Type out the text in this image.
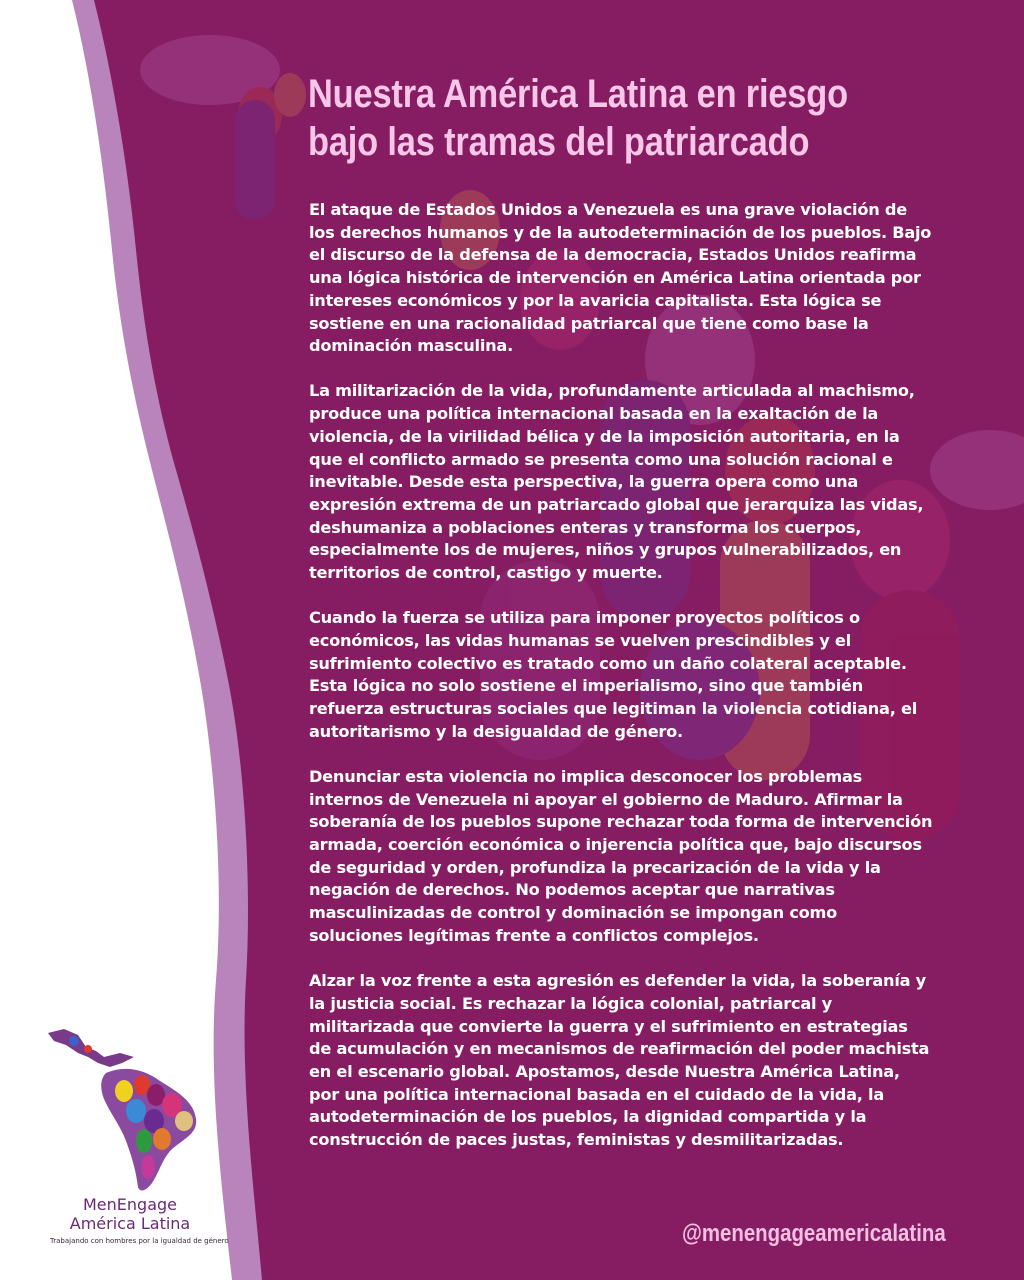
Nuestra América Latina en riesgo
bajo las tramas del patriarcado

El ataque de Estados Unidos a Venezuela es una grave violación de los derechos humanos y de la autodeterminación de los pueblos. Bajo el discurso de la defensa de la democracia, Estados Unidos reafirma una lógica histórica de intervención en América Latina orientada por intereses económicos y por la avaricia capitalista. Esta lógica se sostiene en una racionalidad patriarcal que tiene como base la dominación masculina.

La militarización de la vida, profundamente articulada al machismo, produce una política internacional basada en la exaltación de la violencia, de la virilidad bélica y de la imposición autoritaria, en la que el conflicto armado se presenta como una solución racional e inevitable. Desde esta perspectiva, la guerra opera como una expresión extrema de un patriarcado global que jerarquiza las vidas, deshumaniza a poblaciones enteras y transforma los cuerpos, especialmente los de mujeres, niños y grupos vulnerabilizados, en territorios de control, castigo y muerte.

Cuando la fuerza se utiliza para imponer proyectos políticos o económicos, las vidas humanas se vuelven prescindibles y el sufrimiento colectivo es tratado como un daño colateral aceptable. Esta lógica no solo sostiene el imperialismo, sino que también refuerza estructuras sociales que legitiman la violencia cotidiana, el autoritarismo y la desigualdad de género.

Denunciar esta violencia no implica desconocer los problemas internos de Venezuela ni apoyar el gobierno de Maduro. Afirmar la soberanía de los pueblos supone rechazar toda forma de intervención armada, coerción económica o injerencia política que, bajo discursos de seguridad y orden, profundiza la precarización de la vida y la negación de derechos. No podemos aceptar que narrativas masculinizadas de control y dominación se impongan como soluciones legítimas frente a conflictos complejos.

Alzar la voz frente a esta agresión es defender la vida, la soberanía y la justicia social. Es rechazar la lógica colonial, patriarcal y militarizada que convierte la guerra y el sufrimiento en estrategias de acumulación y en mecanismos de reafirmación del poder machista en el escenario global. Apostamos, desde Nuestra América Latina, por una política internacional basada en el cuidado de la vida, la autodeterminación de los pueblos, la dignidad compartida y la construcción de paces justas, feministas y desmilitarizadas.

@menengageamericalatina

MenEngage
América Latina

Trabajando con hombres por la igualdad de género
